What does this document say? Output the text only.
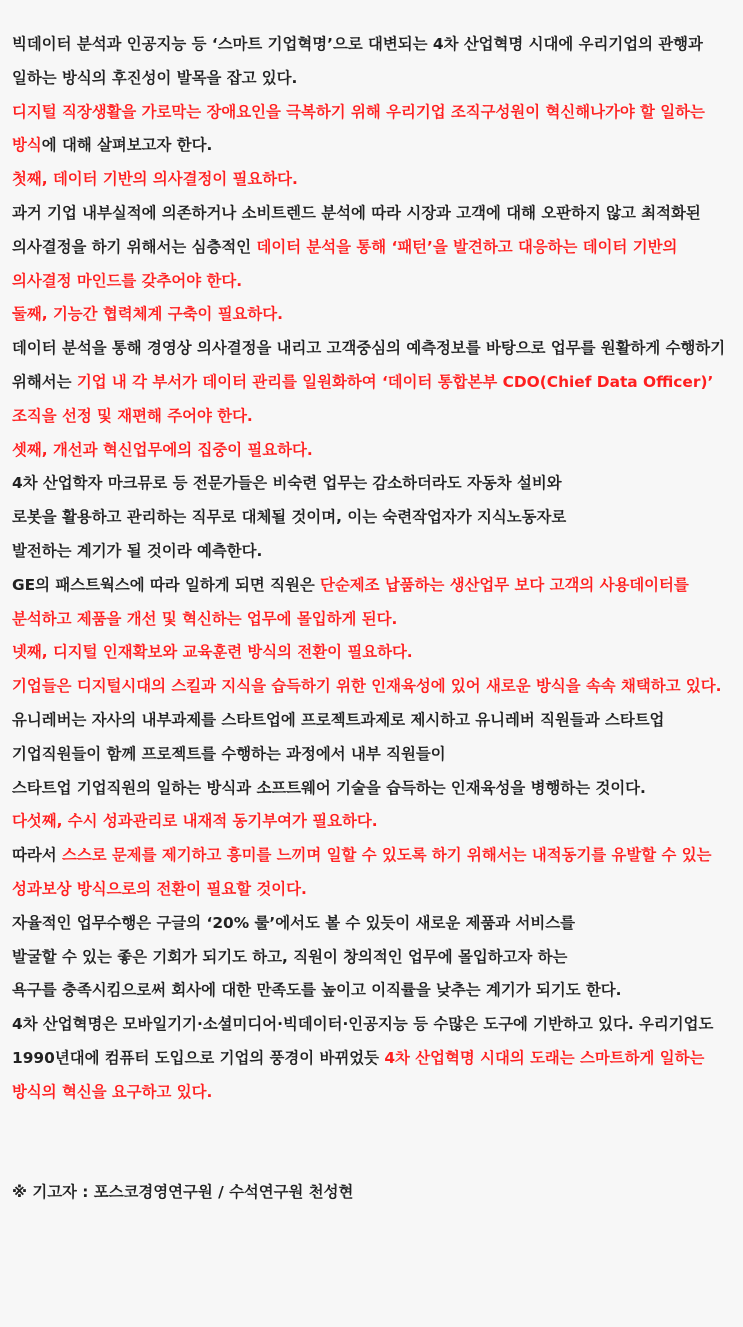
빅데이터 분석과 인공지능 등 ‘스마트 기업혁명’으로 대변되는 4차 산업혁명 시대에 우리기업의 관행과 일하는 방식의 후진성이 발목을 잡고 있다.

디지털 직장생활을 가로막는 장애요인을 극복하기 위해 우리기업 조직구성원이 혁신해나가야 할 일하는 방식에 대해 살펴보고자 한다.

첫째, 데이터 기반의 의사결정이 필요하다.

과거 기업 내부실적에 의존하거나 소비트렌드 분석에 따라 시장과 고객에 대해 오판하지 않고 최적화된 의사결정을 하기 위해서는 심층적인 데이터 분석을 통해 ‘패턴’을 발견하고 대응하는 데이터 기반의 의사결정 마인드를 갖추어야 한다.

둘째, 기능간 협력체계 구축이 필요하다.

데이터 분석을 통해 경영상 의사결정을 내리고 고객중심의 예측정보를 바탕으로 업무를 원활하게 수행하기 위해서는 기업 내 각 부서가 데이터 관리를 일원화하여 ‘데이터 통합본부 CDO(Chief Data Officer)’ 조직을 선정 및 재편해 주어야 한다.

셋째, 개선과 혁신업무에의 집중이 필요하다.

4차 산업학자 마크뮤로 등 전문가들은 비숙련 업무는 감소하더라도 자동차 설비와
로봇을 활용하고 관리하는 직무로 대체될 것이며, 이는 숙련작업자가 지식노동자로
발전하는 계기가 될 것이라 예측한다.

GE의 패스트웍스에 따라 일하게 되면 직원은 단순제조 납품하는 생산업무 보다 고객의 사용데이터를 분석하고 제품을 개선 및 혁신하는 업무에 몰입하게 된다.

넷째, 디지털 인재확보와 교육훈련 방식의 전환이 필요하다.

기업들은 디지털시대의 스킬과 지식을 습득하기 위한 인재육성에 있어 새로운 방식을 속속 채택하고 있다.

유니레버는 자사의 내부과제를 스타트업에 프로젝트과제로 제시하고 유니레버 직원들과 스타트업 기업직원들이 함께 프로젝트를 수행하는 과정에서 내부 직원들이
스타트업 기업직원의 일하는 방식과 소프트웨어 기술을 습득하는 인재육성을 병행하는 것이다.

다섯째, 수시 성과관리로 내재적 동기부여가 필요하다.

따라서 스스로 문제를 제기하고 흥미를 느끼며 일할 수 있도록 하기 위해서는 내적동기를 유발할 수 있는 성과보상 방식으로의 전환이 필요할 것이다.

자율적인 업무수행은 구글의 ‘20% 룰’에서도 볼 수 있듯이 새로운 제품과 서비스를
발굴할 수 있는 좋은 기회가 되기도 하고, 직원이 창의적인 업무에 몰입하고자 하는
욕구를 충족시킴으로써 회사에 대한 만족도를 높이고 이직률을 낮추는 계기가 되기도 한다.

4차 산업혁명은 모바일기기·소셜미디어·빅데이터·인공지능 등 수많은 도구에 기반하고 있다. 우리기업도 1990년대에 컴퓨터 도입으로 기업의 풍경이 바뀌었듯 4차 산업혁명 시대의 도래는 스마트하게 일하는 방식의 혁신을 요구하고 있다.

※ 기고자 : 포스코경영연구원 / 수석연구원 천성현
